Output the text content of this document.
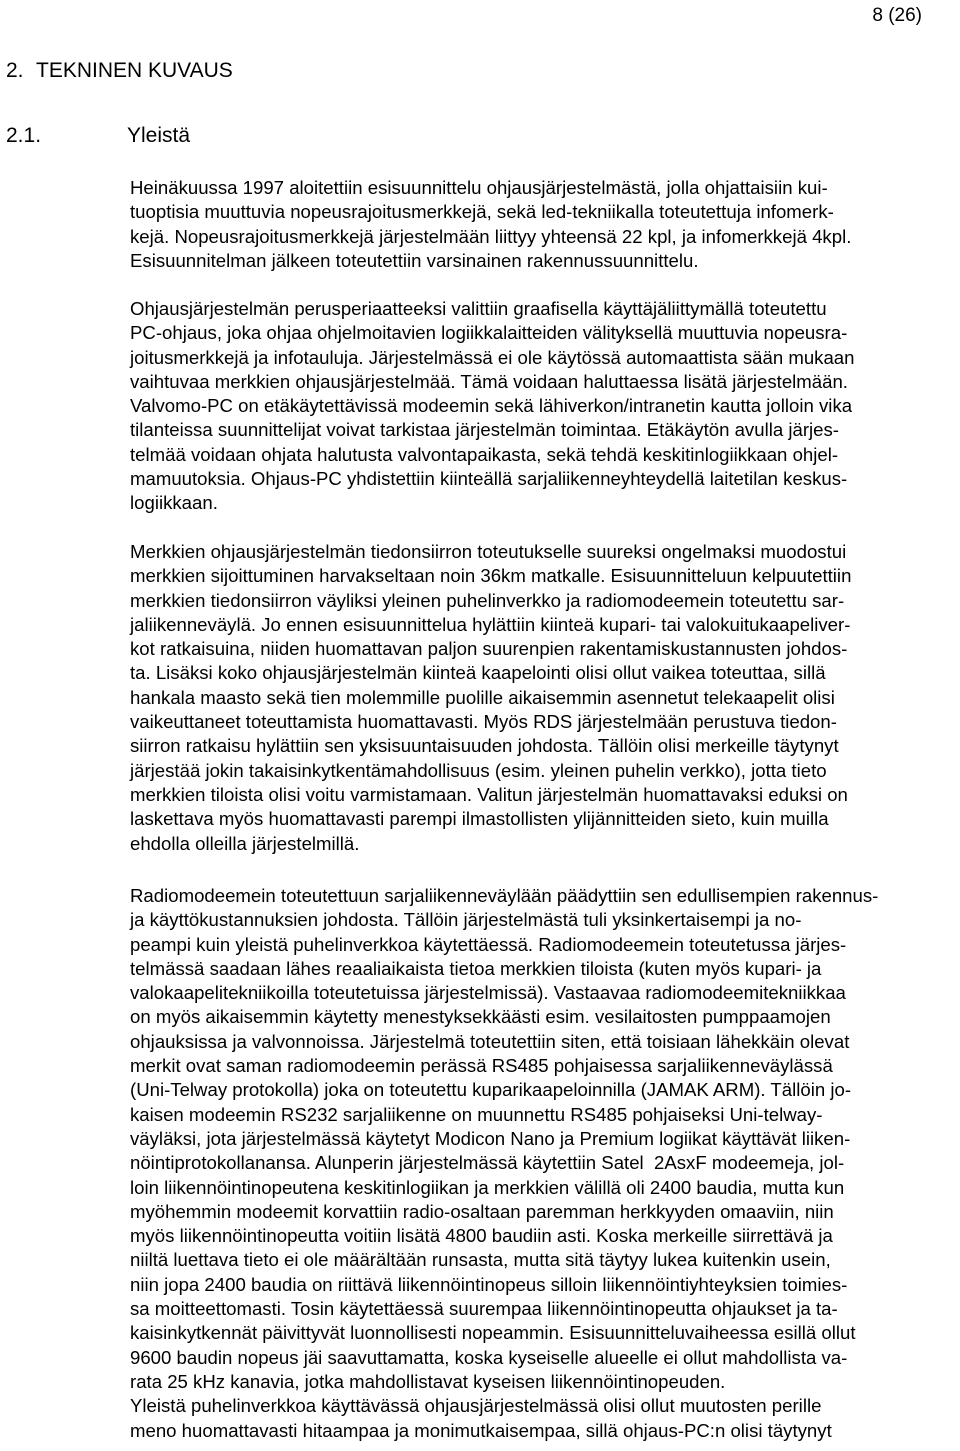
8 (26)
2. TEKNINEN KUVAUS
2.1.	Yleistä
Heinäkuussa 1997 aloitettiin esisuunnittelu ohjausjärjestelmästä, jolla ohjattaisiin kui-
tuoptisia muuttuvia nopeusrajoitusmerkkejä, sekä led-tekniikalla toteutettuja infomerk-
kejä. Nopeusrajoitusmerkkejä järjestelmään liittyy yhteensä 22 kpl, ja infomerkkejä 4kpl.
Esisuunnitelman jälkeen toteutettiin varsinainen rakennussuunnittelu.
Ohjausjärjestelmän perusperiaatteeksi valittiin graafisella käyttäjäliittymällä toteutettu
PC-ohjaus, joka ohjaa ohjelmoitavien logiikkalaitteiden välityksellä muuttuvia nopeusra-
joitusmerkkejä ja infotauluja. Järjestelmässä ei ole käytössä automaattista sään mukaan
vaihtuvaa merkkien ohjausjärjestelmää. Tämä voidaan haluttaessa lisätä järjestelmään.
Valvomo-PC on etäkäytettävissä modeemin sekä lähiverkon/intranetin kautta jolloin vika
tilanteissa suunnittelijat voivat tarkistaa järjestelmän toimintaa. Etäkäytön avulla järjes-
telmää voidaan ohjata halutusta valvontapaikasta, sekä tehdä keskitinlogiikkaan ohjel-
mamuutoksia. Ohjaus-PC yhdistettiin kiinteällä sarjaliikenneyhteydellä laitetilan keskus-
logiikkaan.
Merkkien ohjausjärjestelmän tiedonsiirron toteutukselle suureksi ongelmaksi muodostui
merkkien sijoittuminen harvakseltaan noin 36km matkalle. Esisuunnitteluun kelpuutettiin
merkkien tiedonsiirron väyliksi yleinen puhelinverkko ja radiomodeemein toteutettu sar-
jaliikenneväylä. Jo ennen esisuunnittelua hylättiin kiinteä kupari- tai valokuitukaapeliver-
kot ratkaisuina, niiden huomattavan paljon suurenpien rakentamiskustannusten johdos-
ta. Lisäksi koko ohjausjärjestelmän kiinteä kaapelointi olisi ollut vaikea toteuttaa, sillä
hankala maasto sekä tien molemmille puolille aikaisemmin asennetut telekaapelit olisi
vaikeuttaneet toteuttamista huomattavasti. Myös RDS järjestelmään perustuva tiedon-
siirron ratkaisu hylättiin sen yksisuuntaisuuden johdosta. Tällöin olisi merkeille täytynyt
järjestää jokin takaisinkytkentämahdollisuus (esim. yleinen puhelin verkko), jotta tieto
merkkien tiloista olisi voitu varmistamaan. Valitun järjestelmän huomattavaksi eduksi on
laskettava myös huomattavasti parempi ilmastollisten ylijännitteiden sieto, kuin muilla
ehdolla olleilla järjestelmillä.
Radiomodeemein toteutettuun sarjaliikenneväylään päädyttiin sen edullisempien rakennus-
ja käyttökustannuksien johdosta. Tällöin järjestelmästä tuli yksinkertaisempi ja no-
peampi kuin yleistä puhelinverkkoa käytettäessä. Radiomodeemein toteutetussa järjes-
telmässä saadaan lähes reaaliaikaista tietoa merkkien tiloista (kuten myös kupari- ja
valokaapelitekniikoilla toteutetuissa järjestelmissä). Vastaavaa radiomodeemitekniikkaa
on myös aikaisemmin käytetty menestyksekkäästi esim. vesilaitosten pumppaamojen
ohjauksissa ja valvonnoissa. Järjestelmä toteutettiin siten, että toisiaan lähekkäin olevat
merkit ovat saman radiomodeemin perässä RS485 pohjaisessa sarjaliikenneväylässä
(Uni-Telway protokolla) joka on toteutettu kuparikaapeloinnilla (JAMAK ARM). Tällöin jo-
kaisen modeemin RS232 sarjaliikenne on muunnettu RS485 pohjaiseksi Uni-telway-
väyläksi, jota järjestelmässä käytetyt Modicon Nano ja Premium logiikat käyttävät liiken-
nöintiprotokollanansa. Alunperin järjestelmässä käytettiin Satel  2AsxF modeemeja, jol-
loin liikennöintinopeutena keskitinlogiikan ja merkkien välillä oli 2400 baudia, mutta kun
myöhemmin modeemit korvattiin radio-osaltaan paremman herkkyyden omaaviin, niin
myös liikennöintinopeutta voitiin lisätä 4800 baudiin asti. Koska merkeille siirrettävä ja
niiltä luettava tieto ei ole määrältään runsasta, mutta sitä täytyy lukea kuitenkin usein,
niin jopa 2400 baudia on riittävä liikennöintinopeus silloin liikennöintiyhteyksien toimies-
sa moitteettomasti. Tosin käytettäessä suurempaa liikennöintinopeutta ohjaukset ja ta-
kaisinkytkennät päivittyvät luonnollisesti nopeammin. Esisuunnitteluvaiheessa esillä ollut
9600 baudin nopeus jäi saavuttamatta, koska kyseiselle alueelle ei ollut mahdollista va-
rata 25 kHz kanavia, jotka mahdollistavat kyseisen liikennöintinopeuden.
Yleistä puhelinverkkoa käyttävässä ohjausjärjestelmässä olisi ollut muutosten perille
meno huomattavasti hitaampaa ja monimutkaisempaa, sillä ohjaus-PC:n olisi täytynyt
